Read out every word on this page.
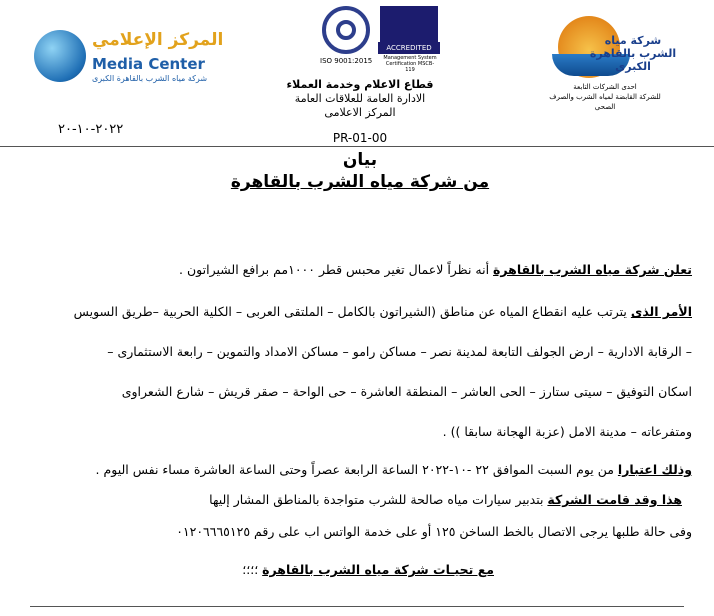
المركز الإعلامي
Media Center
شركة مياه الشرب بالقاهرة الكبرى
ACCREDITED
ISO 9001:2015 Management System Certification MSCB-119
شركة مياه الشرب بالقاهرة الكبرى
احدى الشركات التابعة
للشركة القابضة لمياه الشرب والصرف الصحى
قطاع الاعلام وخدمة العملاء
الادارة العامة للعلاقات العامة
المركز الاعلامى
PR-01-00
٢٠٢٢-١٠-٢٠
بيان
من شركة مياه الشرب بالقاهرة
تعلن شركة مياه الشرب بالقاهرة أنه نظراً لاعمال تغير محبس قطر ١٠٠٠مم برافع الشيراتون .
الأمر الذى يترتب عليه انقطاع المياه عن مناطق (الشيراتون بالكامل – الملتقى العربى – الكلية الحربية –طريق السويس
– الرقابة الادارية – ارض الجولف التابعة لمدينة نصر – مساكن رامو – مساكن الامداد والتموين – رابعة الاستثمارى –
اسكان التوفيق – سيتى ستارز – الحى العاشر – المنطقة العاشرة – حى الواحة – صقر قريش – شارع الشعراوى
ومتفرعاته – مدينة الامل (عزبة الهجانة سابقا )) .
وذلك اعتبارا من يوم السبت الموافق ٢٢ -١٠-٢٠٢٢ الساعة الرابعة عصراً وحتى الساعة العاشرة مساء نفس اليوم .
هذا وقد قامت الشركة بتدبير سيارات مياه صالحة للشرب متواجدة بالمناطق المشار إليها
وفى حالة طلبها يرجى الاتصال بالخط الساخن ١٢٥ أو على خدمة الواتس اب على رقم ٠١٢٠٦٦٦٥١٢٥
مع تحيـات شركة مياه الشرب بالقاهرة ؛؛؛؛
